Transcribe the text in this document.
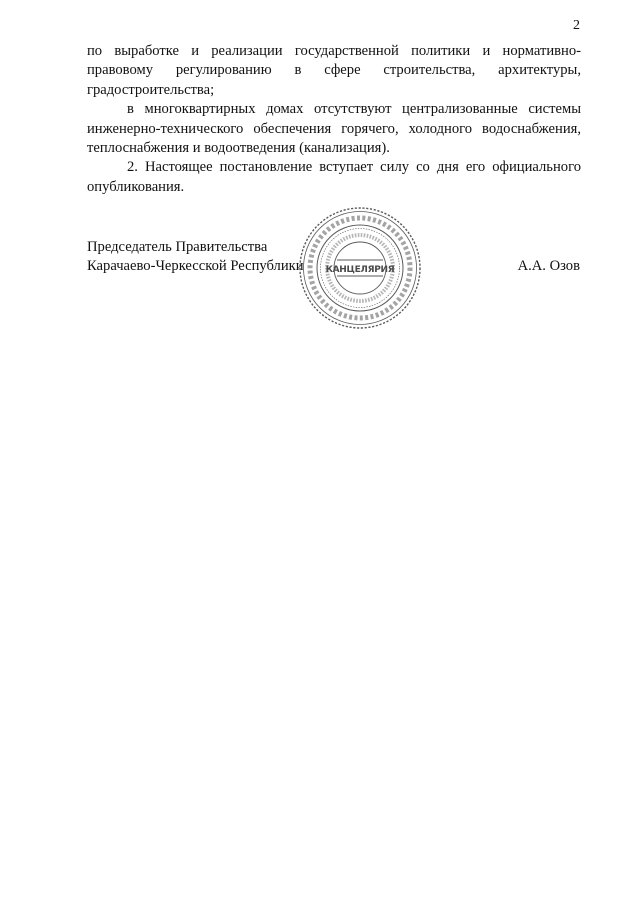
2

по выработке и реализации государственной политики и нормативно-правовому регулированию в сфере строительства, архитектуры, градостроительства;

в многоквартирных домах отсутствуют централизованные системы инженерно-технического обеспечения горячего, холодного водоснабжения, теплоснабжения и водоотведения (канализация).

2. Настоящее постановление вступает силу со дня его официального опубликования.

Председатель Правительства
Карачаево-Черкесской Республики	А.А. Озов
КАНЦЕЛЯРИЯ
